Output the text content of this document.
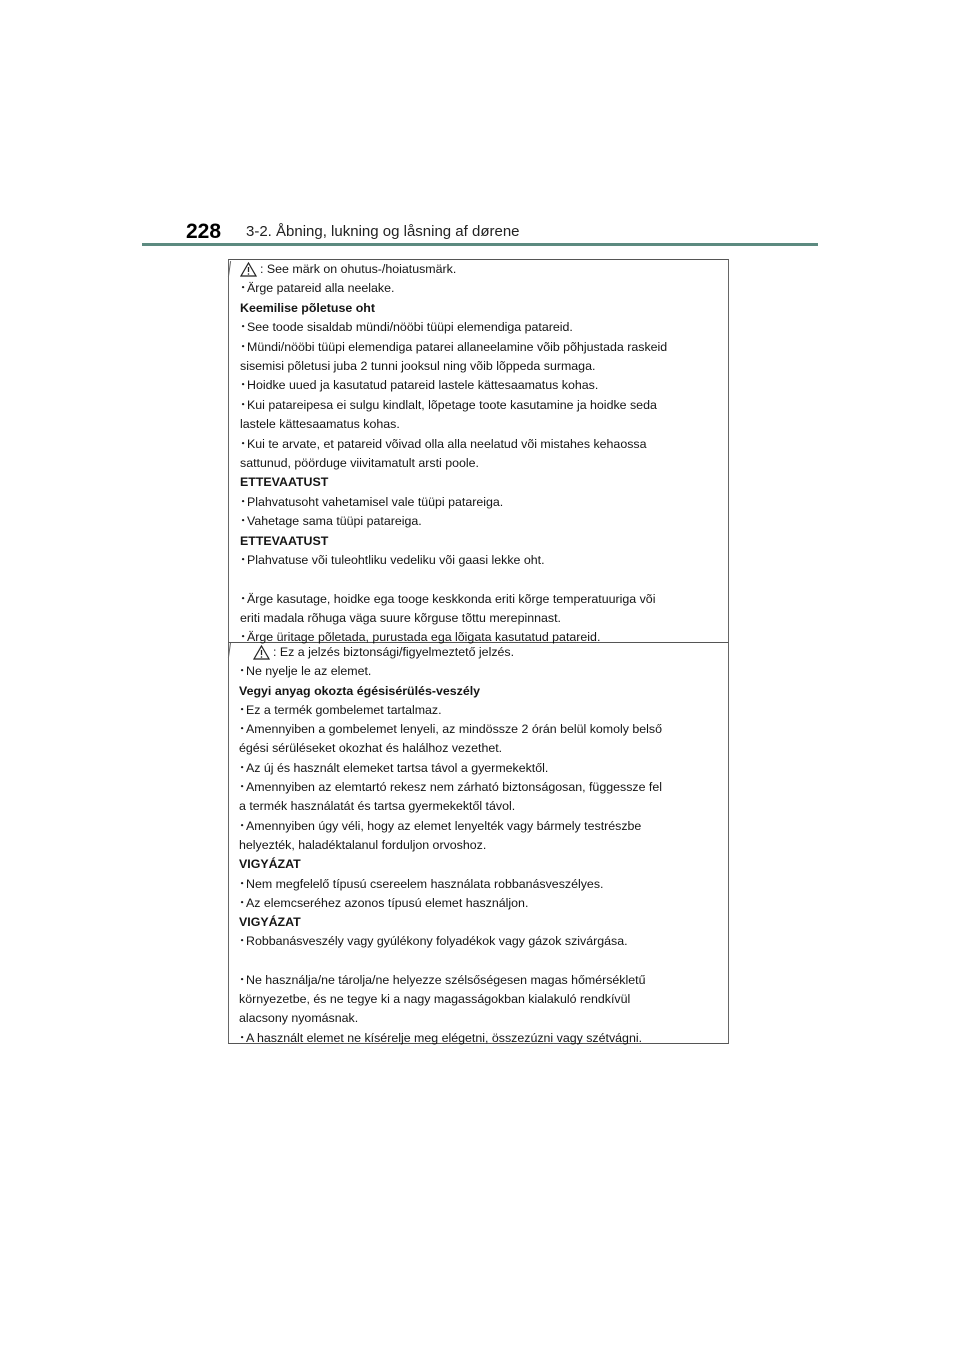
228 3-2. Åbning, lukning og låsning af dørene
: See märk on ohutus-/hoiatusmärk.
･Ärge patareid alla neelake.
Keemilise põletuse oht
･See toode sisaldab mündi/nööbi tüüpi elemendiga patareid.
･Mündi/nööbi tüüpi elemendiga patarei allaneelamine võib põhjustada raskeid
sisemisi põletusi juba 2 tunni jooksul ning võib lõppeda surmaga.
･Hoidke uued ja kasutatud patareid lastele kättesaamatus kohas.
･Kui patareipesa ei sulgu kindlalt, lõpetage toote kasutamine ja hoidke seda
lastele kättesaamatus kohas.
･Kui te arvate, et patareid võivad olla alla neelatud või mistahes kehaossa
sattunud, pöörduge viivitamatult arsti poole.
ETTEVAATUST
･Plahvatusoht vahetamisel vale tüüpi patareiga.
･Vahetage sama tüüpi patareiga.
ETTEVAATUST
･Plahvatuse või tuleohtliku vedeliku või gaasi lekke oht.
･Ärge kasutage, hoidke ega tooge keskkonda eriti kõrge temperatuuriga või
eriti madala rõhuga väga suure kõrguse tõttu merepinnast.
･Ärge üritage põletada, purustada ega lõigata kasutatud patareid.
: Ez a jelzés biztonsági/figyelmeztető jelzés.
･Ne nyelje le az elemet.
Vegyi anyag okozta égésisérülés-veszély
･Ez a termék gombelemet tartalmaz.
･Amennyiben a gombelemet lenyeli, az mindössze 2 órán belül komoly belső
égési sérüléseket okozhat és halálhoz vezethet.
･Az új és használt elemeket tartsa távol a gyermekektől.
･Amennyiben az elemtartó rekesz nem zárható biztonságosan, függessze fel
a termék használatát és tartsa gyermekektől távol.
･Amennyiben úgy véli, hogy az elemet lenyelték vagy bármely testrészbe
helyezték, haladéktalanul forduljon orvoshoz.
VIGYÁZAT
･Nem megfelelő típusú csereelem használata robbanásveszélyes.
･Az elemcseréhez azonos típusú elemet használjon.
VIGYÁZAT
･Robbanásveszély vagy gyúlékony folyadékok vagy gázok szivárgása.
･Ne használja/ne tárolja/ne helyezze szélsőségesen magas hőmérsékletű
környezetbe, és ne tegye ki a nagy magasságokban kialakuló rendkívül
alacsony nyomásnak.
･A használt elemet ne kísérelje meg elégetni, összezúzni vagy szétvágni.
